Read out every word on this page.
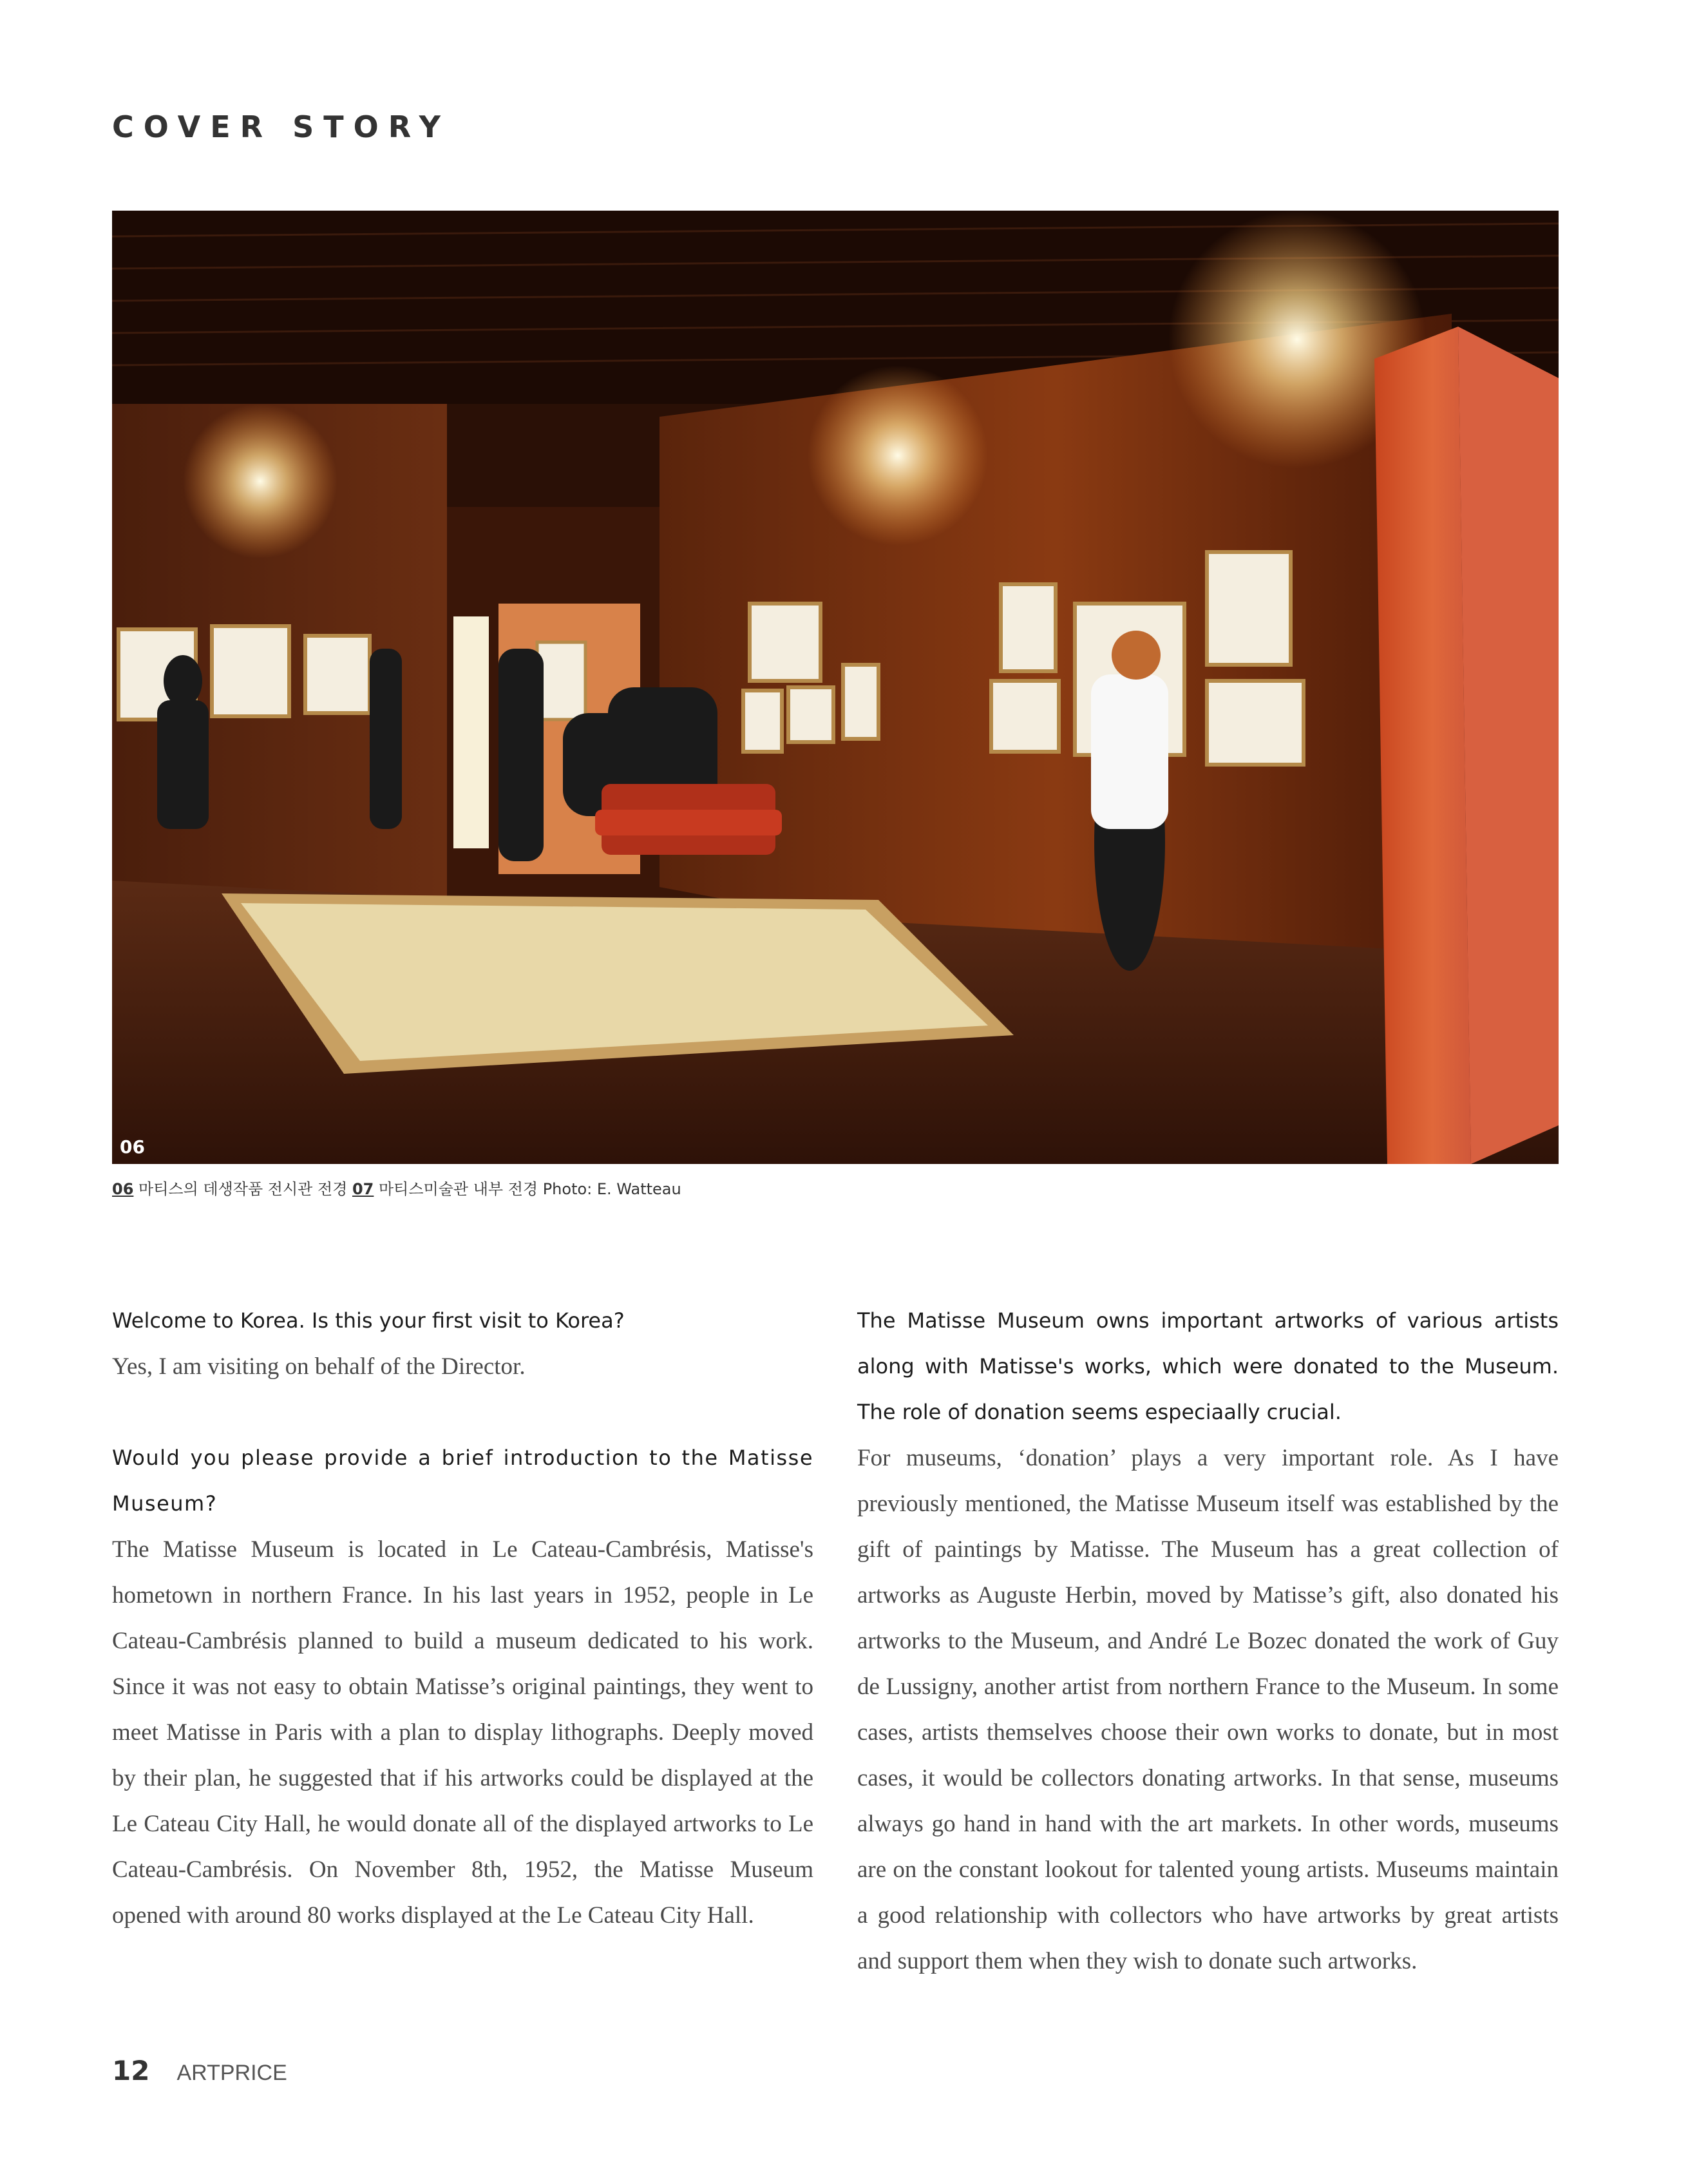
COVER STORY
06
06 마티스의 데생작품 전시관 전경 07 마티스미술관 내부 전경 Photo: E. Watteau

Welcome to Korea. Is this your first visit to Korea?

Yes, I am visiting on behalf of the Director.

Would you please provide a brief introduction to the Matisse Museum?

The Matisse Museum is located in Le Cateau-Cambrésis, Matisse's hometown in northern France. In his last years in 1952, people in Le Cateau-Cambrésis planned to build a museum dedicated to his work. Since it was not easy to obtain Matisse’s original paintings, they went to meet Matisse in Paris with a plan to display lithographs. Deeply moved by their plan, he suggested that if his artworks could be displayed at the Le Cateau City Hall, he would donate all of the displayed artworks to Le Cateau-Cambrésis. On November 8th, 1952, the Matisse Museum opened with around 80 works displayed at the Le Cateau City Hall.

The Matisse Museum owns important artworks of various artists along with Matisse's works, which were donated to the Museum. The role of donation seems especiaally crucial.

For museums, ‘donation’ plays a very important role. As I have previously mentioned, the Matisse Museum itself was established by the gift of paintings by Matisse. The Museum has a great collection of artworks as Auguste Herbin, moved by Matisse’s gift, also donated his artworks to the Museum, and André Le Bozec donated the work of Guy de Lussigny, another artist from northern France to the Museum. In some cases, artists themselves choose their own works to donate, but in most cases, it would be collectors donating artworks. In that sense, museums always go hand in hand with the art markets. In other words, museums are on the constant lookout for talented young artists. Museums maintain a good relationship with collectors who have artworks by great artists and support them when they wish to donate such artworks.

12 ARTPRICE
